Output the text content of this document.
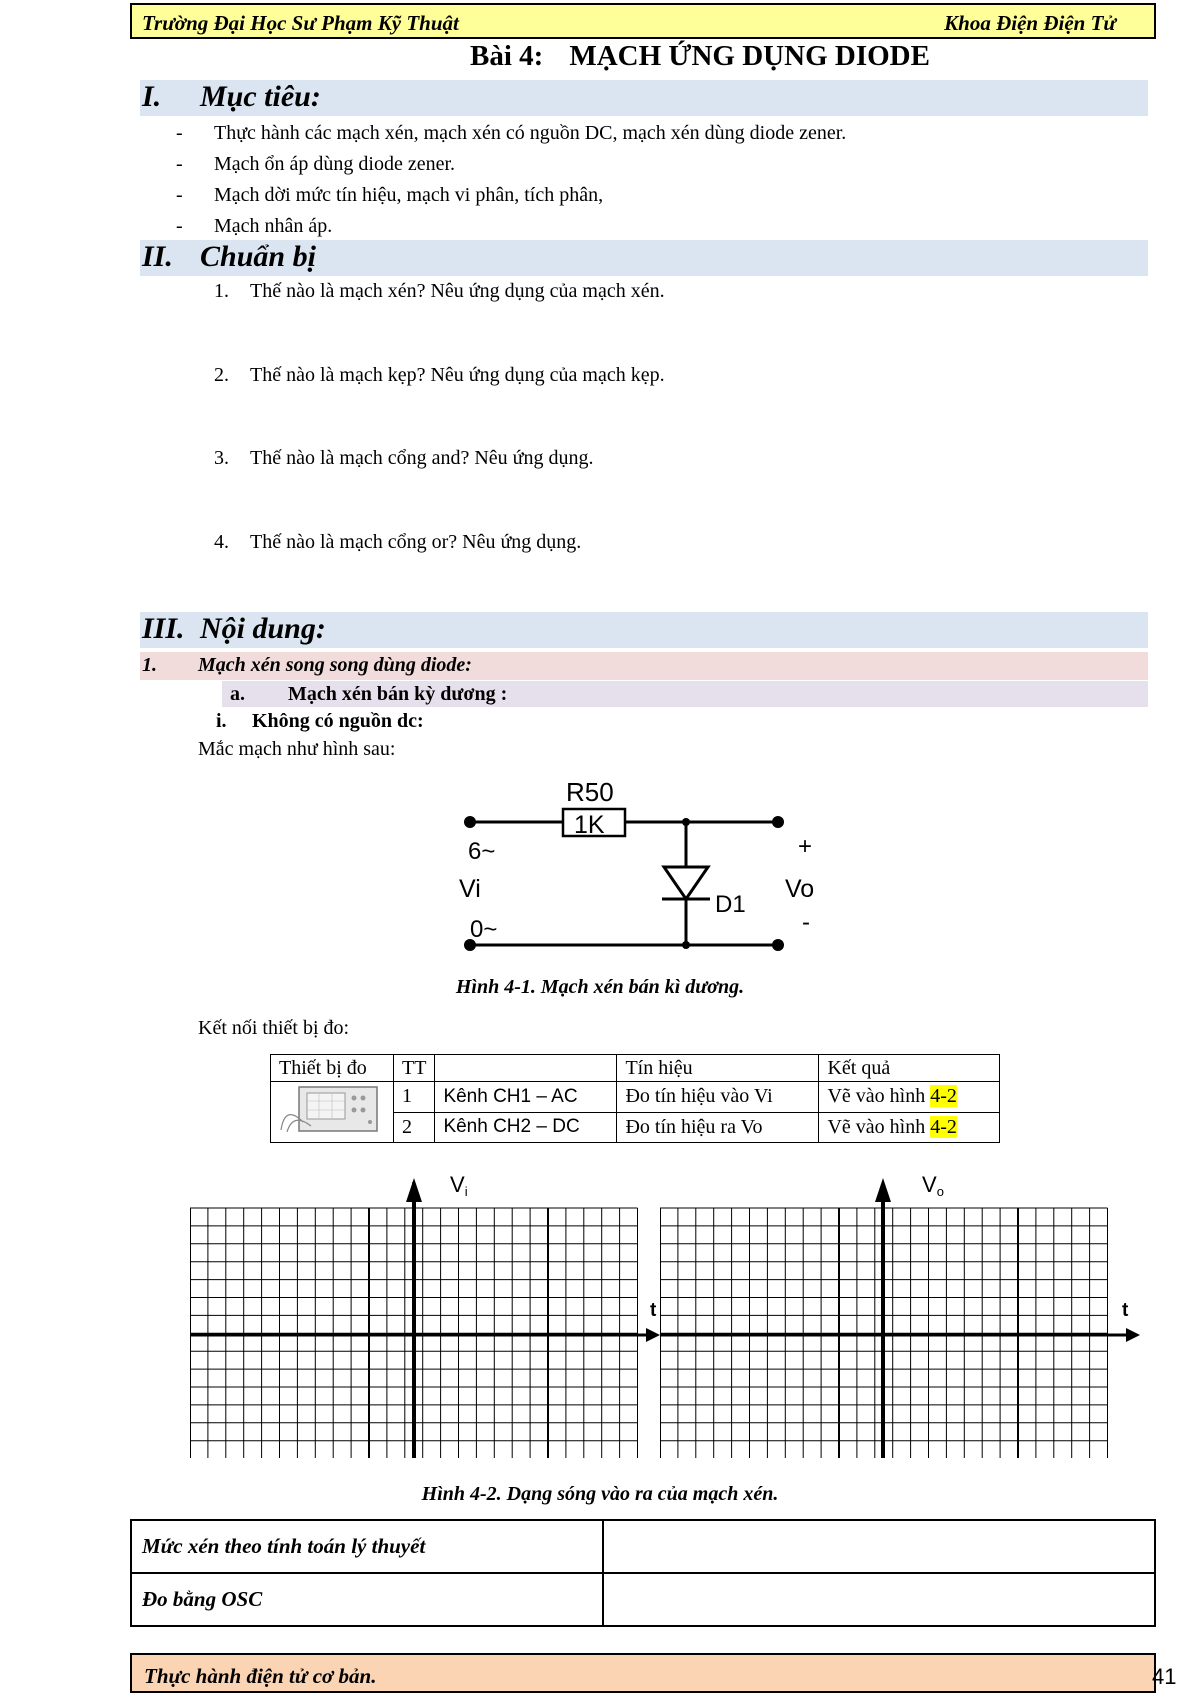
Trường Đại Học Sư Phạm Kỹ Thuật	Khoa Điện Điện Tử
Bài 4: MẠCH ỨNG DỤNG DIODE
I. Mục tiêu:
- Thực hành các mạch xén, mạch xén có nguồn DC, mạch xén dùng diode zener.
- Mạch ổn áp dùng diode zener.
- Mạch dời mức tín hiệu, mạch vi phân, tích phân,
- Mạch nhân áp.
II. Chuẩn bị
1. Thế nào là mạch xén? Nêu ứng dụng của mạch xén.
2. Thế nào là mạch kẹp? Nêu ứng dụng của mạch kẹp.
3. Thế nào là mạch cổng and? Nêu ứng dụng.
4. Thế nào là mạch cổng or? Nêu ứng dụng.
III. Nội dung:
1. Mạch xén song song dùng diode:
a. Mạch xén bán kỳ dương :
i. Không có nguồn dc:
Mắc mạch như hình sau:
R50
1K
6~
Vi
0~
D1
+
Vo
-
Hình 4-1. Mạch xén bán kì dương.
Kết nối thiết bị đo:
Thiết bị đo	TT		Tín hiệu	Kết quả
	1	Kênh CH1 – AC	Đo tín hiệu vào Vi	Vẽ vào hình 4-2
	2	Kênh CH2 – DC	Đo tín hiệu ra Vo	Vẽ vào hình 4-2
· Vi
t
Vo
t
Hình 4-2. Dạng sóng vào ra của mạch xén.
Mức xén theo tính toán lý thuyết	
Đo bằng OSC	
Thực hành điện tử cơ bản.	41
